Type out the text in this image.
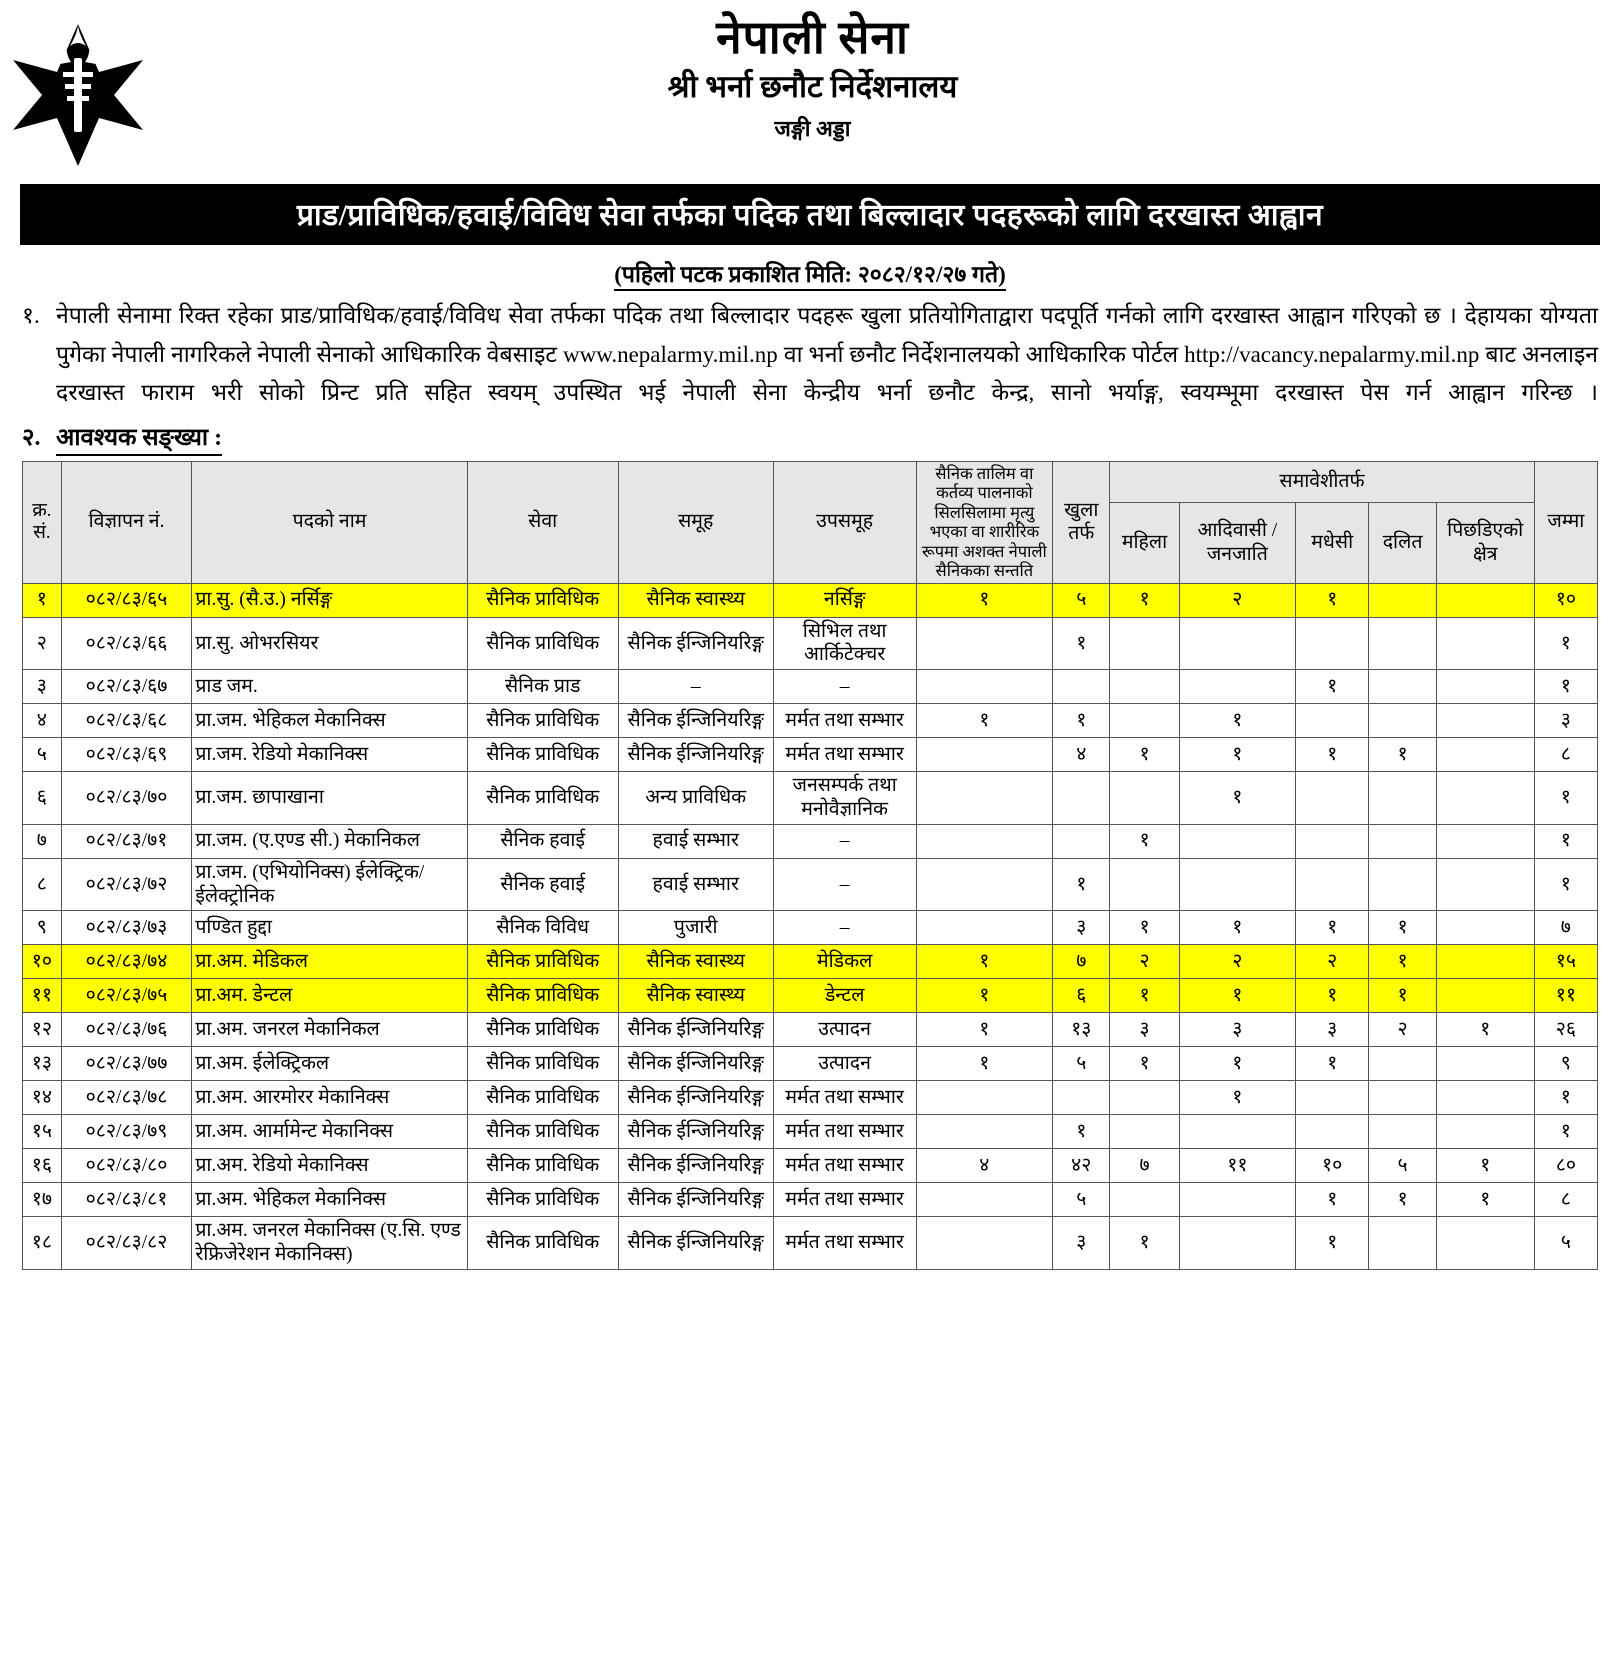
नेपाली सेना
श्री भर्ना छनौट निर्देशनालय
जङ्गी अड्डा
प्राड/प्राविधिक/हवाई/विविध सेवा तर्फका पदिक तथा बिल्लादार पदहरूको लागि दरखास्त आह्वान
(पहिलो पटक प्रकाशित मिति: २०८२/१२/२७ गते)
१. नेपाली सेनामा रिक्त रहेका प्राड/प्राविधिक/हवाई/विविध सेवा तर्फका पदिक तथा बिल्लादार पदहरू खुला प्रतियोगिताद्वारा पदपूर्ति गर्नको लागि दरखास्त आह्वान गरिएको छ । देहायका योग्यता पुगेका नेपाली नागरिकले नेपाली सेनाको आधिकारिक वेबसाइट www.nepalarmy.mil.np वा भर्ना छनौट निर्देशनालयको आधिकारिक पोर्टल http://vacancy.nepalarmy.mil.np बाट अनलाइन दरखास्त फाराम भरी सोको प्रिन्ट प्रति सहित स्वयम् उपस्थित भई नेपाली सेना केन्द्रीय भर्ना छनौट केन्द्र, सानो भर्याङ्ग, स्वयम्भूमा दरखास्त पेस गर्न आह्वान गरिन्छ ।
२. आवश्यक सङ्ख्या :
क्र. सं.	विज्ञापन नं.	पदको नाम	सेवा	समूह	उपसमूह	सैनिक तालिम वा कर्तव्य पालनाको सिलसिलामा मृत्यु भएका वा शारीरिक रूपमा अशक्त नेपाली सैनिकका सन्तति	खुला तर्फ	समावेशीतर्फ					जम्मा
								महिला	आदिवासी / जनजाति	मधेसी	दलित	पिछडिएको क्षेत्र	
१	०८२/८३/६५	प्रा.सु. (सै.उ.) नर्सिङ्ग	सैनिक प्राविधिक	सैनिक स्वास्थ्य	नर्सिङ्ग	१	५	१	२	१			१०
२	०८२/८३/६६	प्रा.सु. ओभरसियर	सैनिक प्राविधिक	सैनिक ईन्जिनियरिङ्ग	सिभिल तथा आर्किटेक्चर		१						१
३	०८२/८३/६७	प्राड जम.	सैनिक प्राड	–	–					१			१
४	०८२/८३/६८	प्रा.जम. भेहिकल मेकानिक्स	सैनिक प्राविधिक	सैनिक ईन्जिनियरिङ्ग	मर्मत तथा सम्भार	१	१		१				३
५	०८२/८३/६९	प्रा.जम. रेडियो मेकानिक्स	सैनिक प्राविधिक	सैनिक ईन्जिनियरिङ्ग	मर्मत तथा सम्भार		४	१	१	१	१		८
६	०८२/८३/७०	प्रा.जम. छापाखाना	सैनिक प्राविधिक	अन्य प्राविधिक	जनसम्पर्क तथा मनोवैज्ञानिक				१				१
७	०८२/८३/७१	प्रा.जम. (ए.एण्ड सी.) मेकानिकल	सैनिक हवाई	हवाई सम्भार	–			१					१
८	०८२/८३/७२	प्रा.जम. (एभियोनिक्स) ईलेक्ट्रिक/ईलेक्ट्रोनिक	सैनिक हवाई	हवाई सम्भार	–		१						१
९	०८२/८३/७३	पण्डित हुद्दा	सैनिक विविध	पुजारी	–		३	१	१	१	१		७
१०	०८२/८३/७४	प्रा.अम. मेडिकल	सैनिक प्राविधिक	सैनिक स्वास्थ्य	मेडिकल	१	७	२	२	२	१		१५
११	०८२/८३/७५	प्रा.अम. डेन्टल	सैनिक प्राविधिक	सैनिक स्वास्थ्य	डेन्टल	१	६	१	१	१	१		११
१२	०८२/८३/७६	प्रा.अम. जनरल मेकानिकल	सैनिक प्राविधिक	सैनिक ईन्जिनियरिङ्ग	उत्पादन	१	१३	३	३	३	२	१	२६
१३	०८२/८३/७७	प्रा.अम. ईलेक्ट्रिकल	सैनिक प्राविधिक	सैनिक ईन्जिनियरिङ्ग	उत्पादन	१	५	१	१	१			९
१४	०८२/८३/७८	प्रा.अम. आरमोरर मेकानिक्स	सैनिक प्राविधिक	सैनिक ईन्जिनियरिङ्ग	मर्मत तथा सम्भार				१				१
१५	०८२/८३/७९	प्रा.अम. आर्मामेन्ट मेकानिक्स	सैनिक प्राविधिक	सैनिक ईन्जिनियरिङ्ग	मर्मत तथा सम्भार		१						१
१६	०८२/८३/८०	प्रा.अम. रेडियो मेकानिक्स	सैनिक प्राविधिक	सैनिक ईन्जिनियरिङ्ग	मर्मत तथा सम्भार	४	४२	७	११	१०	५	१	८०
१७	०८२/८३/८१	प्रा.अम. भेहिकल मेकानिक्स	सैनिक प्राविधिक	सैनिक ईन्जिनियरिङ्ग	मर्मत तथा सम्भार		५			१	१	१	८
१८	०८२/८३/८२	प्रा.अम. जनरल मेकानिक्स (ए.सि. एण्ड रेफ्रिजेरेशन मेकानिक्स)	सैनिक प्राविधिक	सैनिक ईन्जिनियरिङ्ग	मर्मत तथा सम्भार		३	१		१			५
